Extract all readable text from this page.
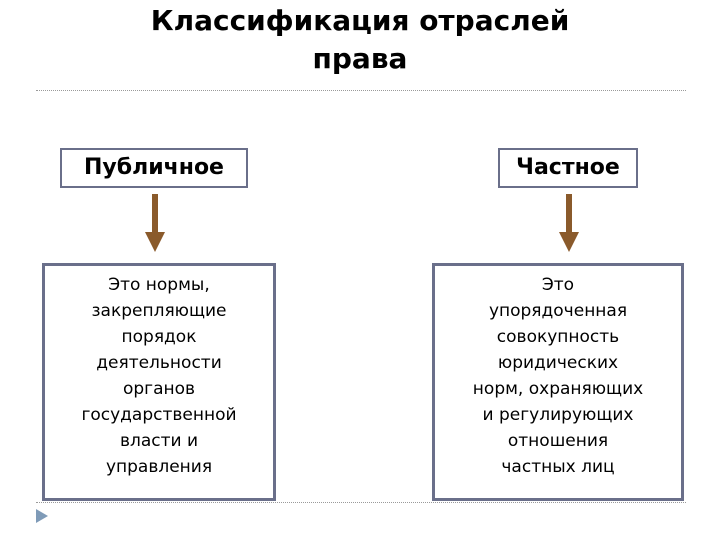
Классификация отраслей
права
Публичное	Частное
Это нормы,
закрепляющие
порядок
деятельности
органов
государственной
власти и
управления
Это
упорядоченная
совокупность
юридических
норм, охраняющих
и регулирующих
отношения
частных лиц
